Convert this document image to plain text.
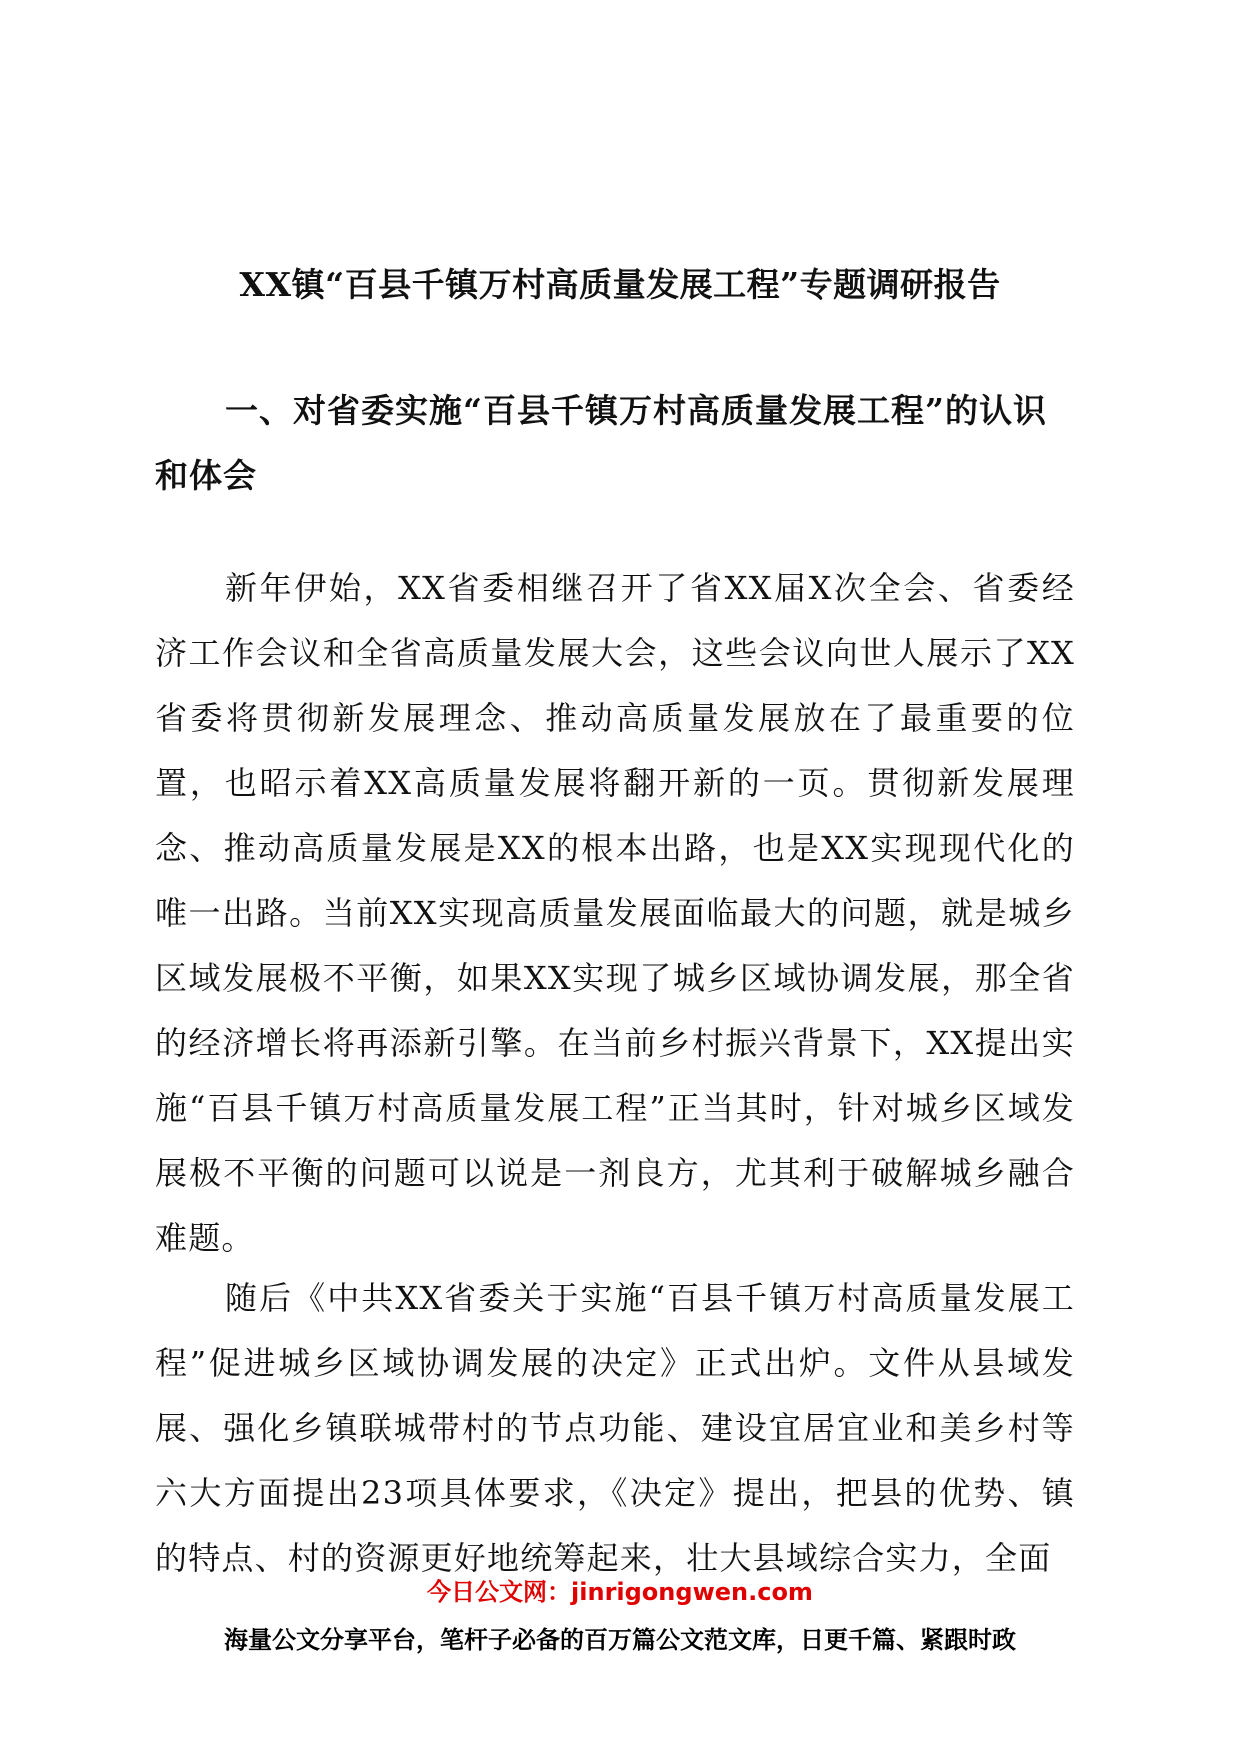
XX镇“百县千镇万村高质量发展工程”专题调研报告
一、对省委实施“百县千镇万村高质量发展工程”的认识和体会
新年伊始，XX省委相继召开了省XX届X次全会、省委经济工作会议和全省高质量发展大会，这些会议向世人展示了XX省委将贯彻新发展理念、推动高质量发展放在了最重要的位置，也昭示着XX高质量发展将翻开新的一页。贯彻新发展理念、推动高质量发展是XX的根本出路，也是XX实现现代化的唯一出路。当前XX实现高质量发展面临最大的问题，就是城乡区域发展极不平衡，如果XX实现了城乡区域协调发展，那全省的经济增长将再添新引擎。在当前乡村振兴背景下，XX提出实施“百县千镇万村高质量发展工程”正当其时，针对城乡区域发展极不平衡的问题可以说是一剂良方，尤其利于破解城乡融合难题。
随后《中共XX省委关于实施“百县千镇万村高质量发展工程”促进城乡区域协调发展的决定》正式出炉。文件从县域发展、强化乡镇联城带村的节点功能、建设宜居宜业和美乡村等六大方面提出23项具体要求，《决定》提出，把县的优势、镇的特点、村的资源更好地统筹起来，壮大县域综合实力，全面
今日公文网：jinrigongwen.com
海量公文分享平台，笔杆子必备的百万篇公文范文库，日更千篇、紧跟时政
